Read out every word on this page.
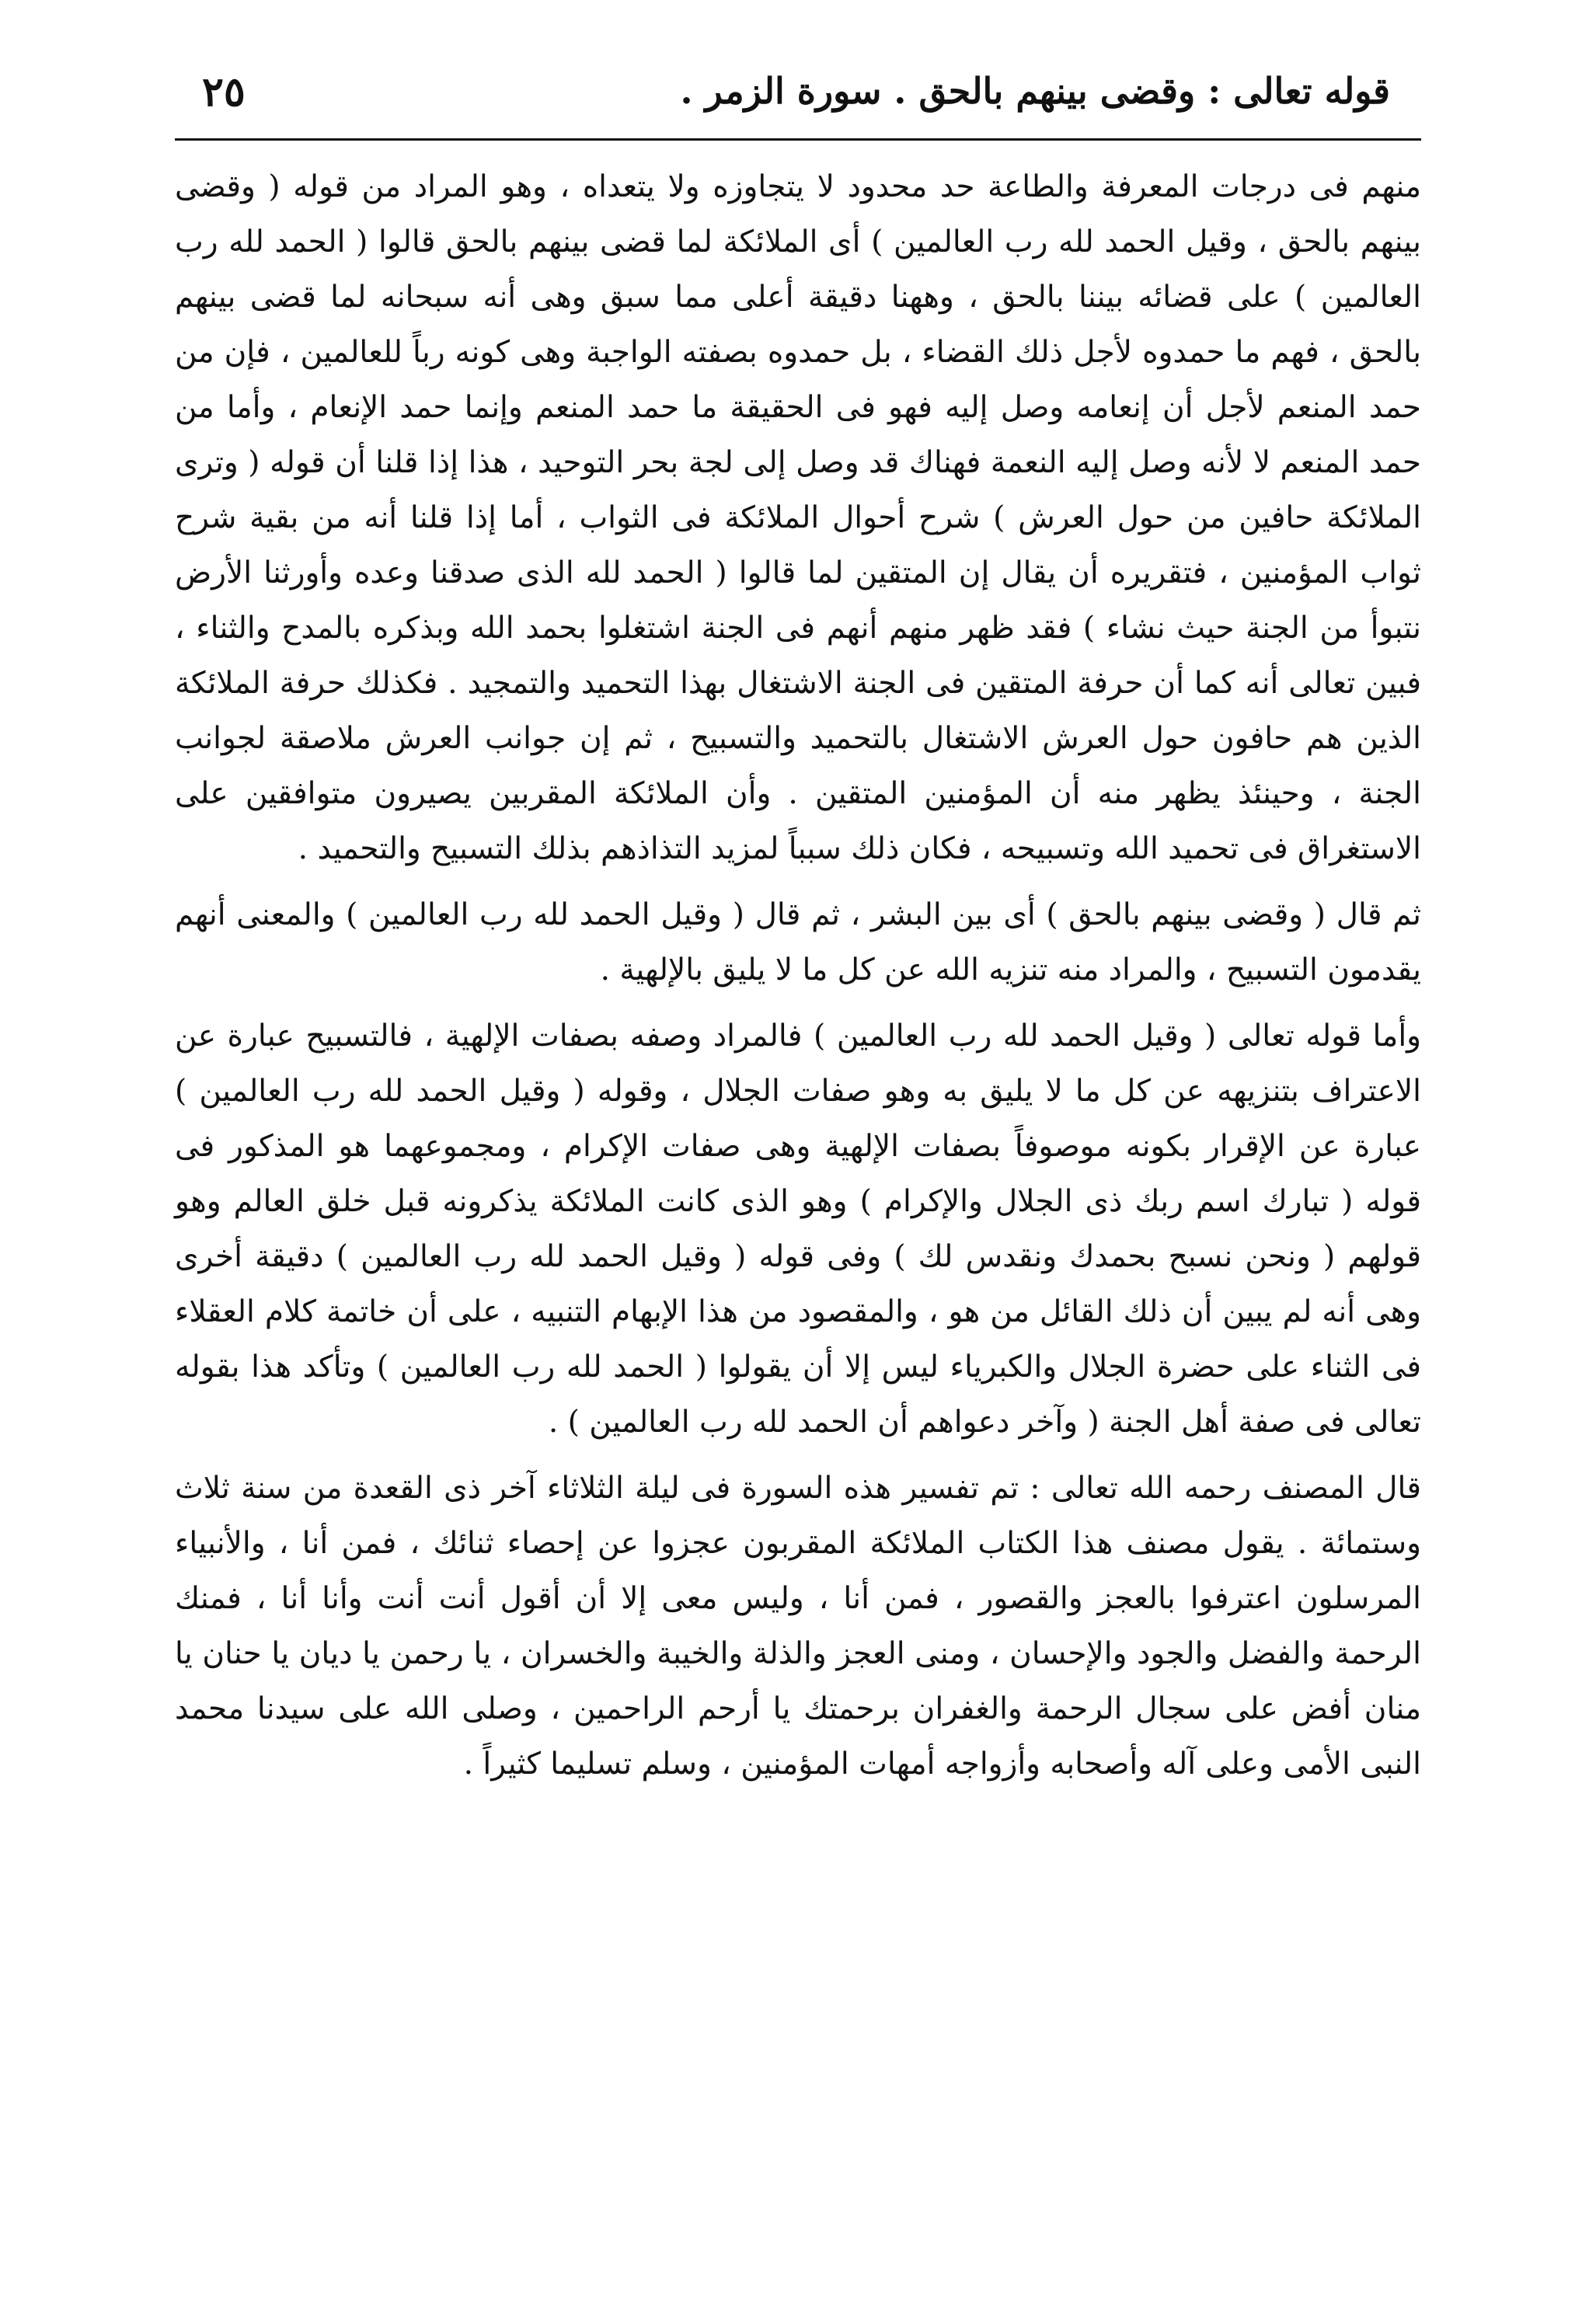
قوله تعالى : وقضى بينهم بالحق . سورة الزمر .
٢٥

منهم فى درجات المعرفة والطاعة حد محدود لا يتجاوزه ولا يتعداه ، وهو المراد من قوله ( وقضى بينهم بالحق ، وقيل الحمد لله رب العالمين ) أى الملائكة لما قضى بينهم بالحق قالوا ( الحمد لله رب العالمين ) على قضائه بيننا بالحق ، وههنا دقيقة أعلى مما سبق وهى أنه سبحانه لما قضى بينهم بالحق ، فهم ما حمدوه لأجل ذلك القضاء ، بل حمدوه بصفته الواجبة وهى كونه رباً للعالمين ، فإن من حمد المنعم لأجل أن إنعامه وصل إليه فهو فى الحقيقة ما حمد المنعم وإنما حمد الإنعام ، وأما من حمد المنعم لا لأنه وصل إليه النعمة فهناك قد وصل إلى لجة بحر التوحيد ، هذا إذا قلنا أن قوله ( وترى الملائكة حافين من حول العرش ) شرح أحوال الملائكة فى الثواب ، أما إذا قلنا أنه من بقية شرح ثواب المؤمنين ، فتقريره أن يقال إن المتقين لما قالوا ( الحمد لله الذى صدقنا وعده وأورثنا الأرض نتبوأ من الجنة حيث نشاء ) فقد ظهر منهم أنهم فى الجنة اشتغلوا بحمد الله وبذكره بالمدح والثناء ، فبين تعالى أنه كما أن حرفة المتقين فى الجنة الاشتغال بهذا التحميد والتمجيد . فكذلك حرفة الملائكة الذين هم حافون حول العرش الاشتغال بالتحميد والتسبيح ، ثم إن جوانب العرش ملاصقة لجوانب الجنة ، وحينئذ يظهر منه أن المؤمنين المتقين . وأن الملائكة المقربين يصيرون متوافقين على الاستغراق فى تحميد الله وتسبيحه ، فكان ذلك سبباً لمزيد التذاذهم بذلك التسبيح والتحميد .

ثم قال ( وقضى بينهم بالحق ) أى بين البشر ، ثم قال ( وقيل الحمد لله رب العالمين ) والمعنى أنهم يقدمون التسبيح ، والمراد منه تنزيه الله عن كل ما لا يليق بالإلهية .

وأما قوله تعالى ( وقيل الحمد لله رب العالمين ) فالمراد وصفه بصفات الإلهية ، فالتسبيح عبارة عن الاعتراف بتنزيهه عن كل ما لا يليق به وهو صفات الجلال ، وقوله ( وقيل الحمد لله رب العالمين ) عبارة عن الإقرار بكونه موصوفاً بصفات الإلهية وهى صفات الإكرام ، ومجموعهما هو المذكور فى قوله ( تبارك اسم ربك ذى الجلال والإكرام ) وهو الذى كانت الملائكة يذكرونه قبل خلق العالم وهو قولهم ( ونحن نسبح بحمدك ونقدس لك ) وفى قوله ( وقيل الحمد لله رب العالمين ) دقيقة أخرى وهى أنه لم يبين أن ذلك القائل من هو ، والمقصود من هذا الإبهام التنبيه ، على أن خاتمة كلام العقلاء فى الثناء على حضرة الجلال والكبرياء ليس إلا أن يقولوا ( الحمد لله رب العالمين ) وتأكد هذا بقوله تعالى فى صفة أهل الجنة ( وآخر دعواهم أن الحمد لله رب العالمين ) .

قال المصنف رحمه الله تعالى : تم تفسير هذه السورة فى ليلة الثلاثاء آخر ذى القعدة من سنة ثلاث وستمائة . يقول مصنف هذا الكتاب الملائكة المقربون عجزوا عن إحصاء ثنائك ، فمن أنا ، والأنبياء المرسلون اعترفوا بالعجز والقصور ، فمن أنا ، وليس معى إلا أن أقول أنت أنت وأنا أنا ، فمنك الرحمة والفضل والجود والإحسان ، ومنى العجز والذلة والخيبة والخسران ، يا رحمن يا ديان يا حنان يا منان أفض على سجال الرحمة والغفران برحمتك يا أرحم الراحمين ، وصلى الله على سيدنا محمد النبى الأمى وعلى آله وأصحابه وأزواجه أمهات المؤمنين ، وسلم تسليما كثيراً .
